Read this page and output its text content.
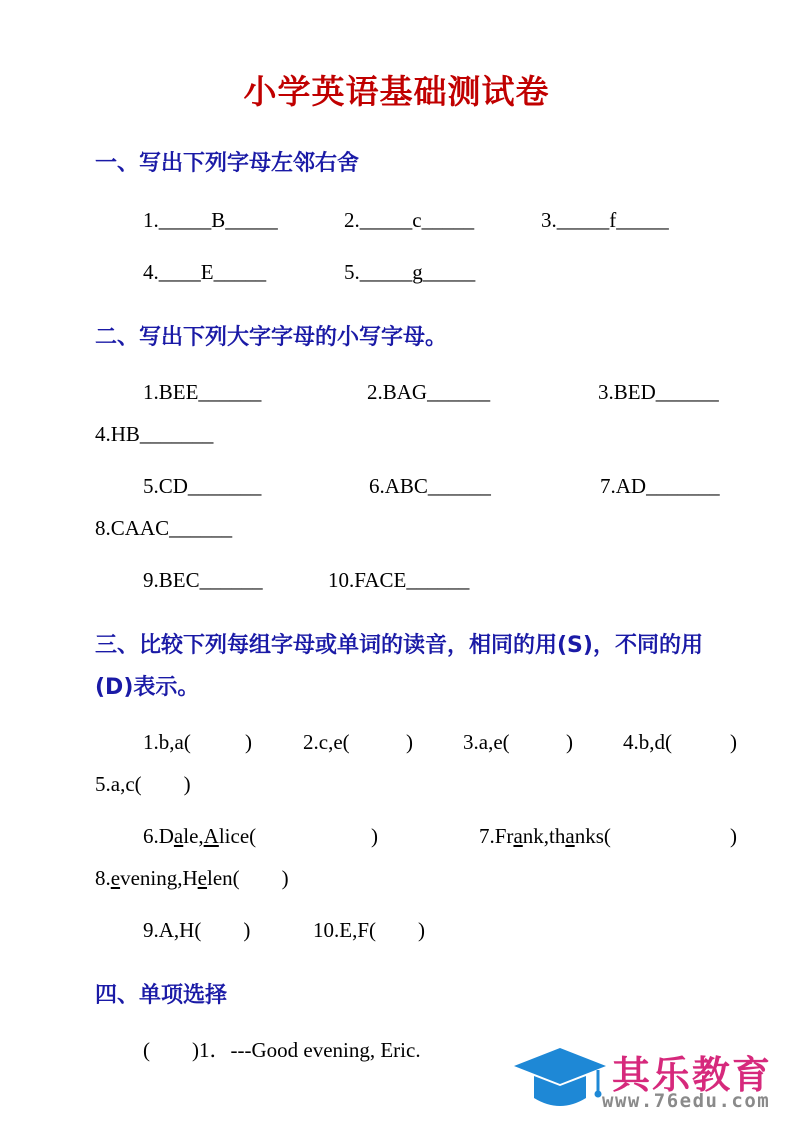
小学英语基础测试卷
一、写出下列字母左邻右舍
1._____B_____	2._____c_____	3._____f_____
4.____E_____	5._____g_____
二、写出下列大字字母的小写字母。
1.BEE______	2.BAG______	3.BED______
4.HB_______
5.CD_______	6.ABC______	7.AD_______
8.CAAC______
9.BEC______	10.FACE______
三、比较下列每组字母或单词的读音，相同的用(S)，不同的用
(D)表示。
1.b,a(	) 2.c,e(	) 3.a,e(	) 4.b,d(	)
5.a,c(        )
6.Dale,Alice(	)	7.Frank,thanks(	)
8.evening,Helen(        )
9.A,H(        )	10.E,F(        )
四、单项选择
(        )1．---Good evening, Eric.
其乐教育
www.76edu.com
